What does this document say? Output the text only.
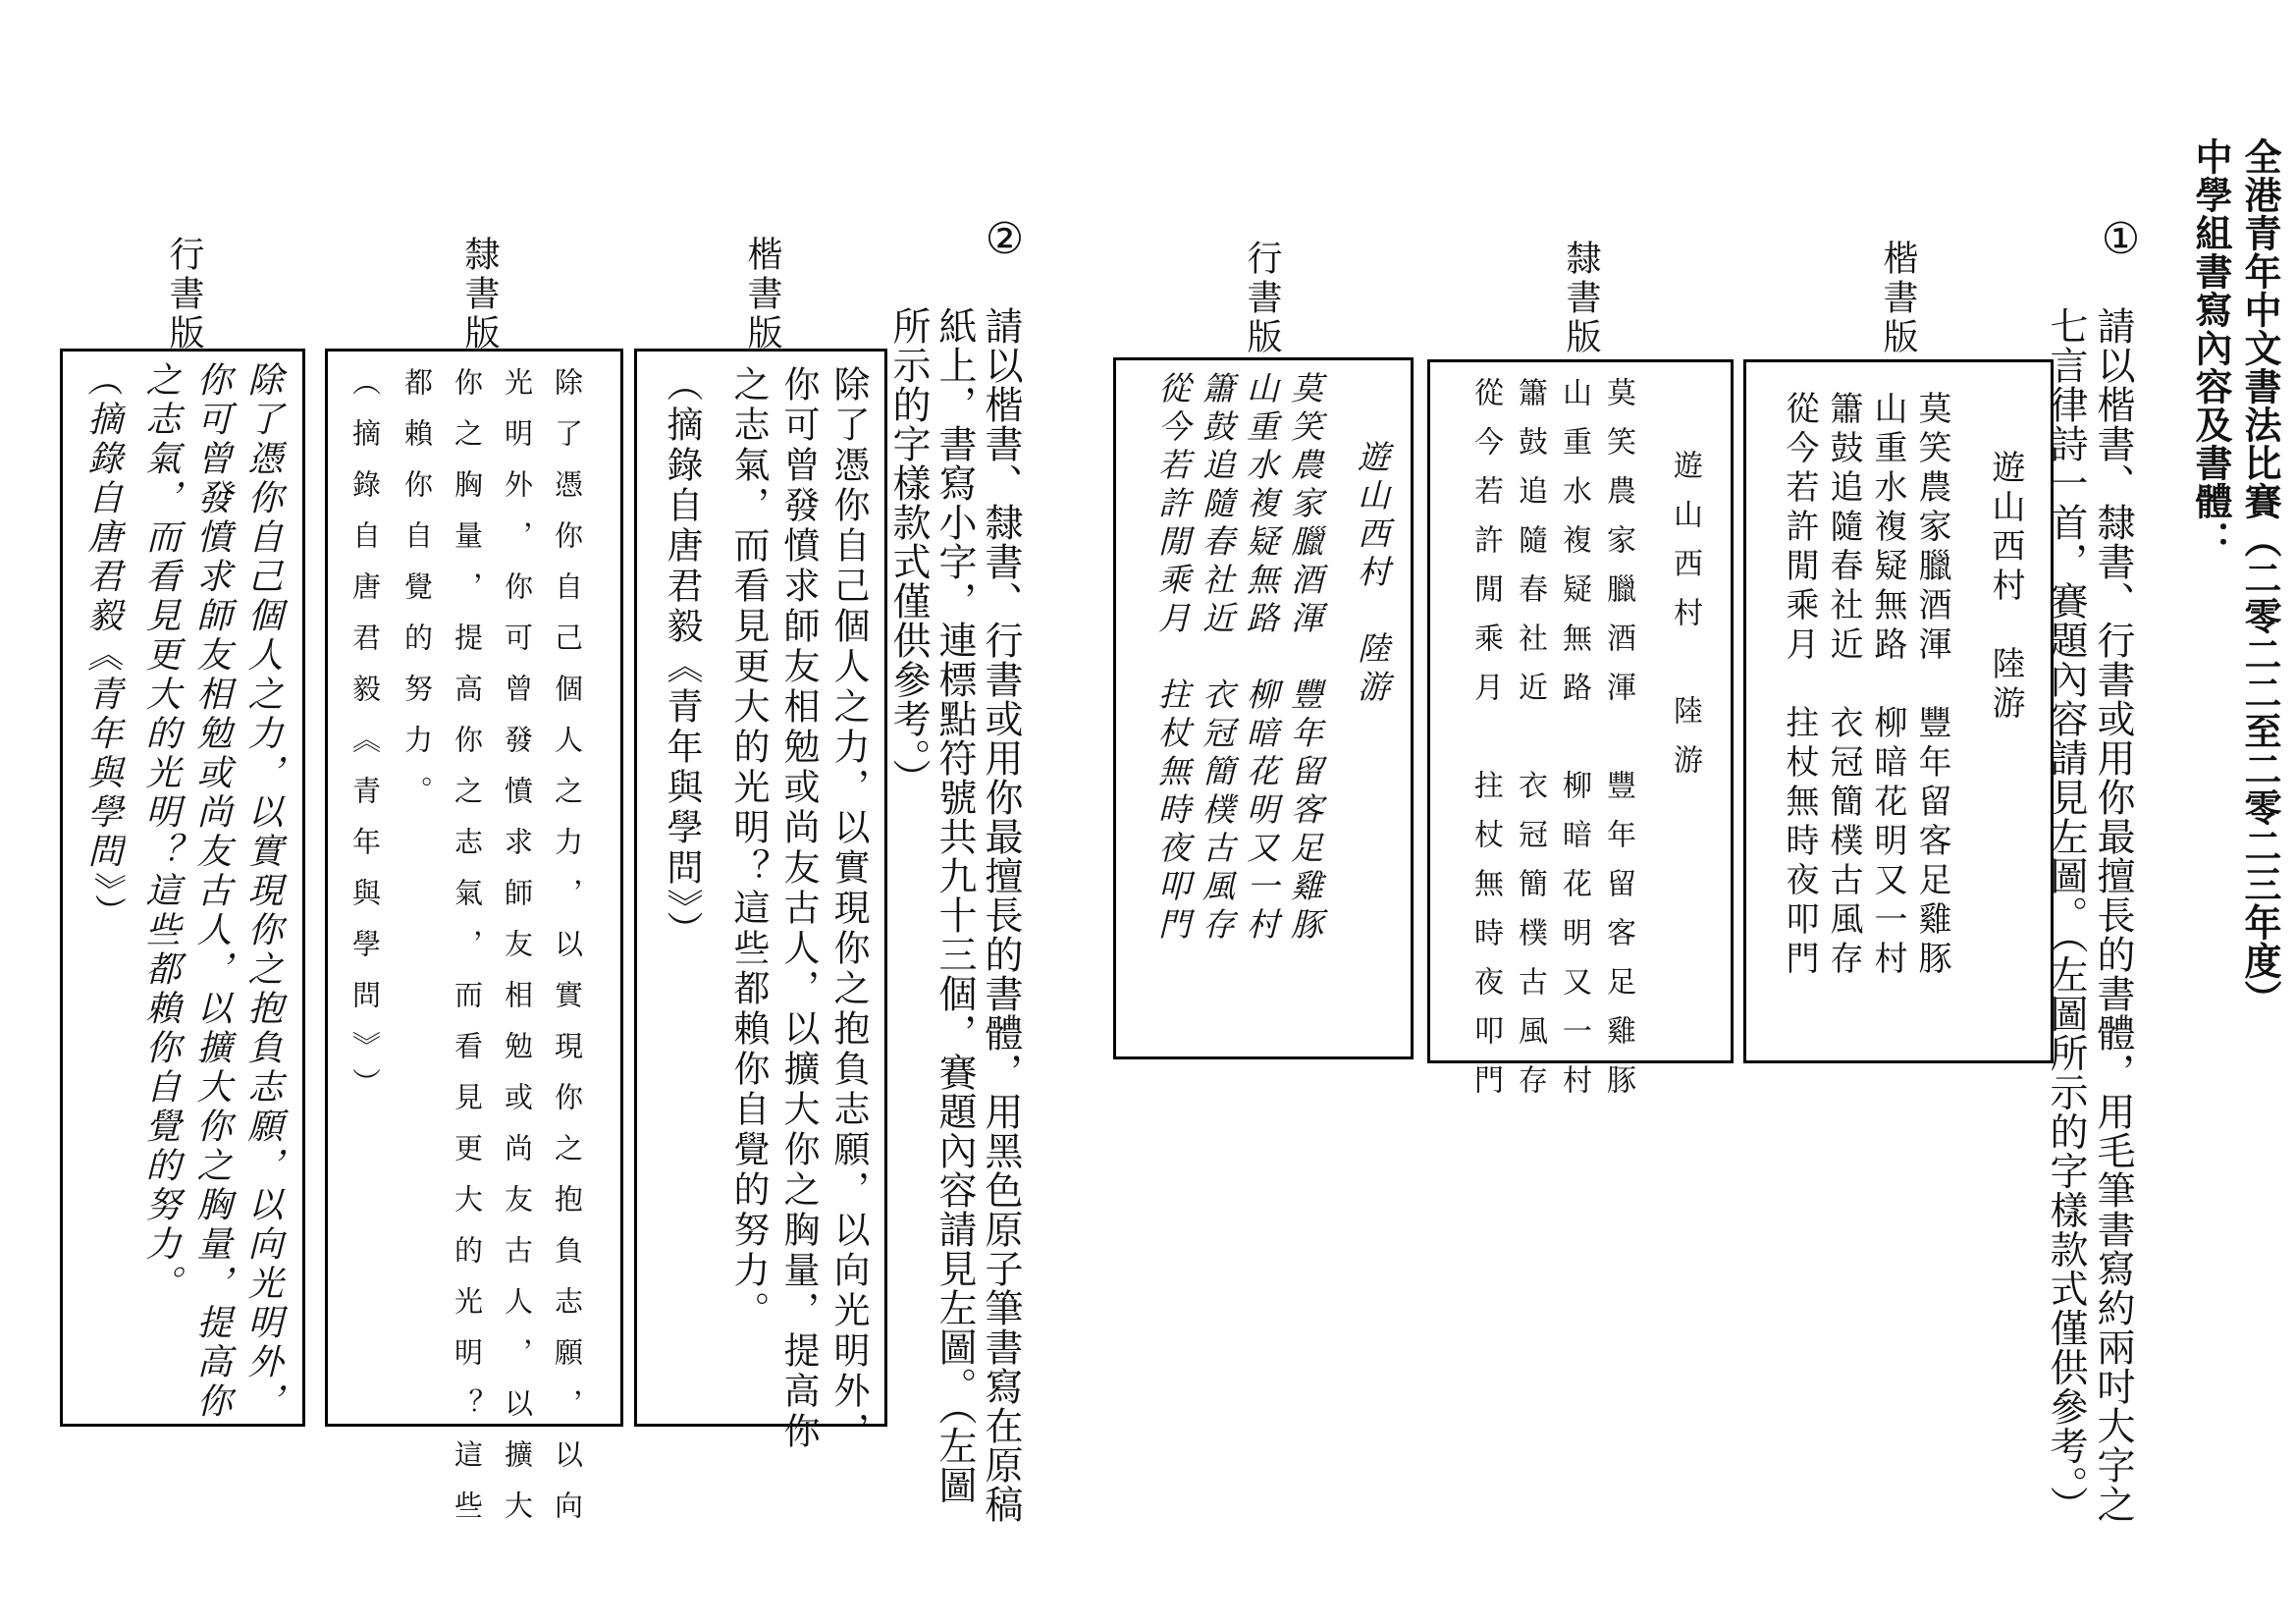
全港青年中文書法比賽（二零二二至二零二三年度）
中學組書寫內容及書體：
①
請以楷書、隸書、行書或用你最擅長的書體，用毛筆書寫約兩吋大字之
七言律詩一首，賽題內容請見左圖。（左圖所示的字樣款式僅供參考。）
楷書版
隸書版
行書版
遊山西村　陸游
莫笑農家臘酒渾　豐年留客足雞豚
山重水複疑無路　柳暗花明又一村
簫鼓追隨春社近　衣冠簡樸古風存
從今若許閒乘月　拄杖無時夜叩門
遊山西村　陸游
莫笑農家臘酒渾　豐年留客足雞豚
山重水複疑無路　柳暗花明又一村
簫鼓追隨春社近　衣冠簡樸古風存
從今若許閒乘月　拄杖無時夜叩門
遊山西村　陸游
莫笑農家臘酒渾　豐年留客足雞豚
山重水複疑無路　柳暗花明又一村
簫鼓追隨春社近　衣冠簡樸古風存
從今若許閒乘月　拄杖無時夜叩門
②
請以楷書、隸書、行書或用你最擅長的書體，用黑色原子筆書寫在原稿
紙上，書寫小字，連標點符號共九十三個，賽題內容請見左圖。（左圖
所示的字樣款式僅供參考。）
楷書版
隸書版
行書版
除了憑你自己個人之力，以實現你之抱負志願，以向光明外，
你可曾發憤求師友相勉或尚友古人，以擴大你之胸量，提高你
之志氣，而看見更大的光明？這些都賴你自覺的努力。
（摘錄自唐君毅《青年與學問》）
除了憑你自己個人之力，以實現你之抱負志願，以向
光明外，你可曾發憤求師友相勉或尚友古人，以擴大
你之胸量，提高你之志氣，而看見更大的光明？這些
都賴你自覺的努力。
（摘錄自唐君毅《青年與學問》）
除了憑你自己個人之力，以實現你之抱負志願，以向光明外，
你可曾發憤求師友相勉或尚友古人，以擴大你之胸量，提高你
之志氣，而看見更大的光明？這些都賴你自覺的努力。
（摘錄自唐君毅《青年與學問》）
